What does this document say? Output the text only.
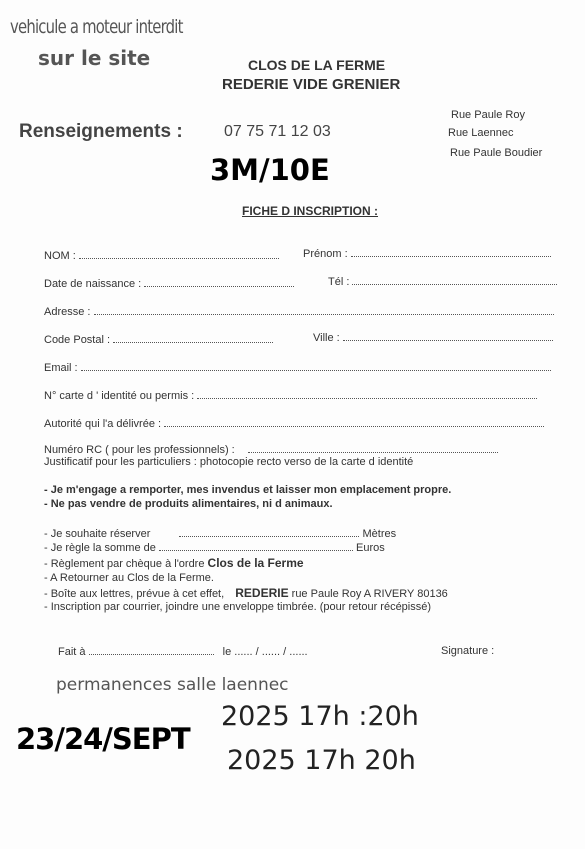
vehicule a moteur interdit
sur le site	CLOS DE LA FERME
REDERIE VIDE GRENIER
Rue Paule Roy
Rue Laennec
Rue Paule Boudier
Renseignements :	07 75 71 12 03
3M/10E
FICHE D INSCRIPTION :
NOM :	Prénom :
Date de naissance :	Tél :
Adresse :
Code Postal :	Ville :
Email :
N° carte d ' identité ou permis :
Autorité qui l'a délivrée :
Numéro RC ( pour les professionnels) :
Justificatif pour les particuliers : photocopie recto verso de la carte d identité
- Je m'engage a remporter, mes invendus et laisser mon emplacement propre.
- Ne pas vendre de produits alimentaires, ni d animaux.
- Je souhaite réserver	Mètres
- Je règle la somme de	Euros
- Règlement par chèque à l'ordre Clos de la Ferme
- A Retourner au Clos de la Ferme.
- Boîte aux lettres, prévue à cet effet, REDERIE rue Paule Roy A RIVERY 80136
- Inscription par courrier, joindre une enveloppe timbrée. (pour retour récépissé)
Fait à	le ...... / ...... / ......	Signature :
permanences salle laennec
23/24/SEPT
2025 17h :20h
2025 17h 20h
